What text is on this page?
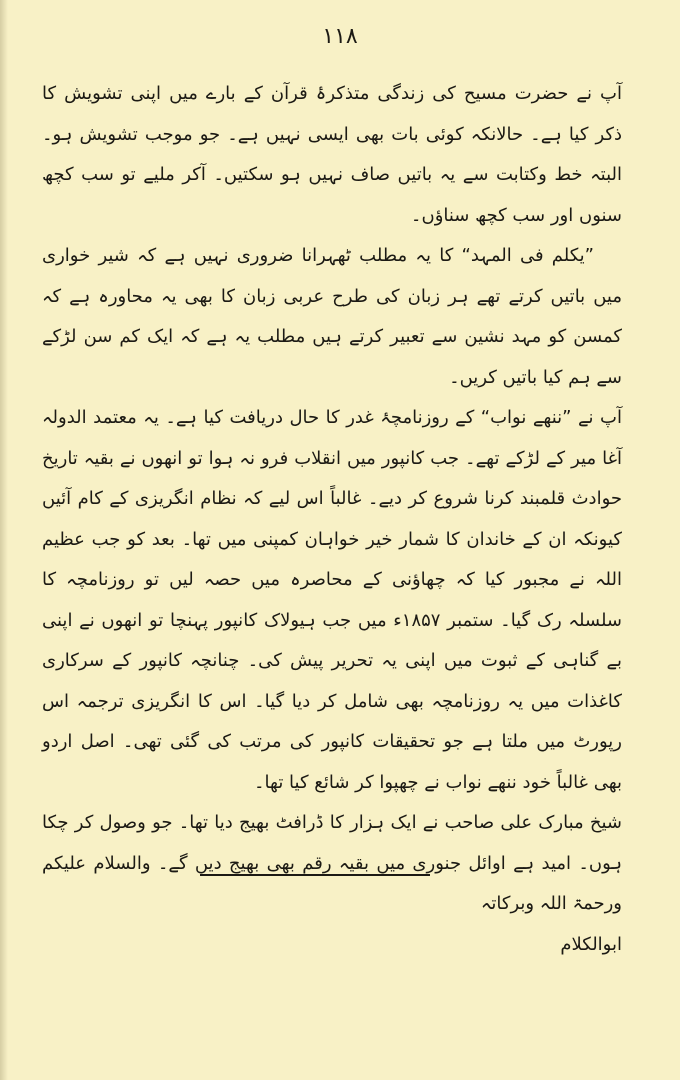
۱۱۸

آپ نے حضرت مسیح کی زندگی متذکرۂ قرآن کے بارے میں اپنی تشویش کا ذکر کیا ہے۔ حالانکہ کوئی بات بھی ایسی نہیں ہے۔ جو موجب تشویش ہو۔ البتہ خط وکتابت سے یہ باتیں صاف نہیں ہو سکتیں۔ آکر ملیے تو سب کچھ سنوں اور سب کچھ سناؤں۔

”یکلم فی المہد“ کا یہ مطلب ٹھہرانا ضروری نہیں ہے کہ شیر خواری میں باتیں کرتے تھے ہر زبان کی طرح عربی زبان کا بھی یہ محاورہ ہے کہ کمسن کو مہد نشین سے تعبیر کرتے ہیں مطلب یہ ہے کہ ایک کم سن لڑکے سے ہم کیا باتیں کریں۔

آپ نے ”ننھے نواب“ کے روزنامچۂ غدر کا حال دریافت کیا ہے۔ یہ معتمد الدولہ آغا میر کے لڑکے تھے۔ جب کانپور میں انقلاب فرو نہ ہوا تو انھوں نے بقیہ تاریخ حوادث قلمبند کرنا شروع کر دیے۔ غالباً اس لیے کہ نظام انگریزی کے کام آئیں کیونکہ ان کے خاندان کا شمار خیر خواہان کمپنی میں تھا۔ بعد کو جب عظیم اللہ نے مجبور کیا کہ چھاؤنی کے محاصرہ میں حصہ لیں تو روزنامچہ کا سلسلہ رک گیا۔ ستمبر ۱۸۵۷ء میں جب ہیولاک کانپور پہنچا تو انھوں نے اپنی بے گناہی کے ثبوت میں اپنی یہ تحریر پیش کی۔ چنانچہ کانپور کے سرکاری کاغذات میں یہ روزنامچہ بھی شامل کر دیا گیا۔ اس کا انگریزی ترجمہ اس رپورٹ میں ملتا ہے جو تحقیقات کانپور کی مرتب کی گئی تھی۔ اصل اردو بھی غالباً خود ننھے نواب نے چھپوا کر شائع کیا تھا۔

شیخ مبارک علی صاحب نے ایک ہزار کا ڈرافٹ بھیج دیا تھا۔ جو وصول کر چکا ہوں۔ امید ہے اوائل جنوری میں بقیہ رقم بھی بھیج دیں گے۔ والسلام علیکم ورحمۃ اللہ وبرکاتہ

ابوالکلام
